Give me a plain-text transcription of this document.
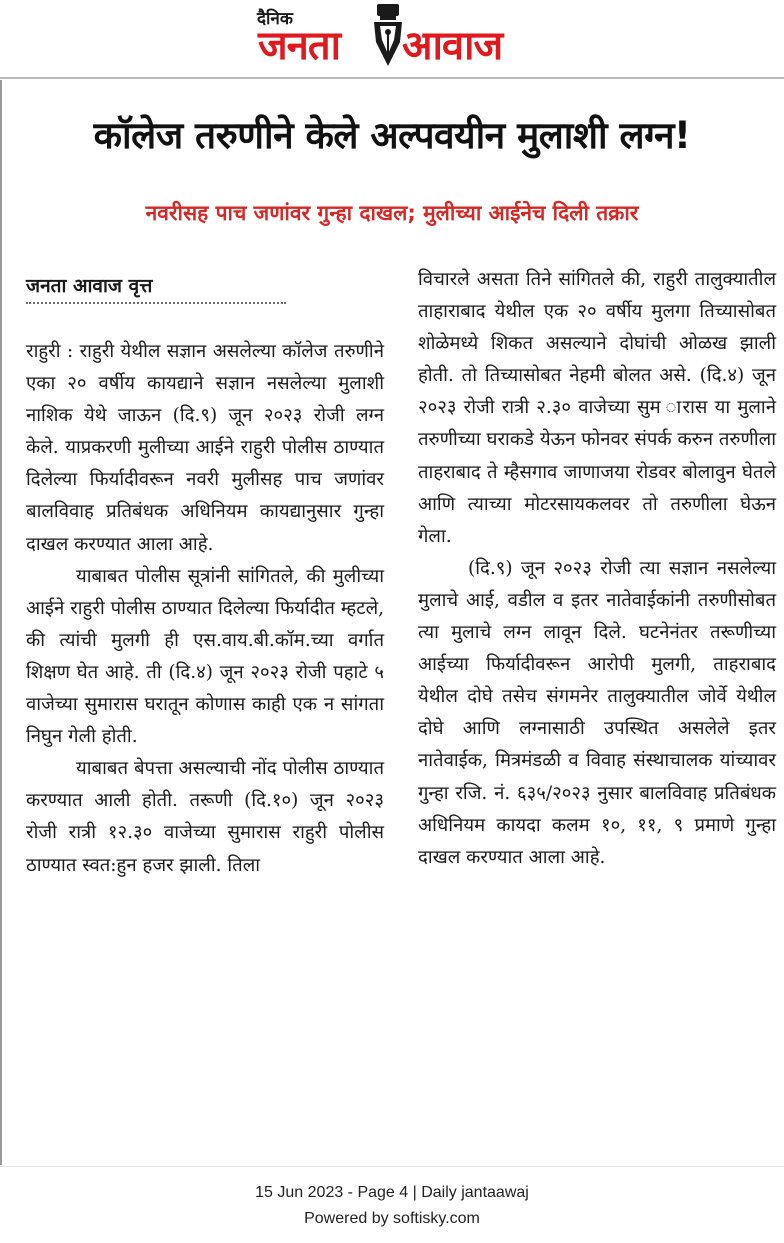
दैनिक
जनता आवाज
कॉलेज तरुणीने केले अल्पवयीन मुलाशी लग्न!
नवरीसह पाच जणांवर गुन्हा दाखल; मुलीच्या आईनेच दिली तक्रार
जनता आवाज वृत्त

राहुरी : राहुरी येथील सज्ञान असलेल्या कॉलेज तरुणीने एका २० वर्षीय कायद्याने सज्ञान नसलेल्या मुलाशी नाशिक येथे जाऊन (दि.९) जून २०२३ रोजी लग्न केले. याप्रकरणी मुलीच्या आईने राहुरी पोलीस ठाण्यात दिलेल्या फिर्यादीवरून नवरी मुलीसह पाच जणांवर बालविवाह प्रतिबंधक अधिनियम कायद्यानुसार गुन्हा दाखल करण्यात आला आहे.

याबाबत पोलीस सूत्रांनी सांगितले, की मुलीच्या आईने राहुरी पोलीस ठाण्यात दिलेल्या फिर्यादीत म्हटले, की त्यांची मुलगी ही एस.वाय.बी.कॉम.च्या वर्गात शिक्षण घेत आहे. ती (दि.४) जून २०२३ रोजी पहाटे ५ वाजेच्या सुमारास घरातून कोणास काही एक न सांगता निघुन गेली होती.

याबाबत बेपत्ता असल्याची नोंद पोलीस ठाण्यात करण्यात आली होती. तरूणी (दि.१०) जून २०२३ रोजी रात्री १२.३० वाजेच्या सुमारास राहुरी पोलीस ठाण्यात स्वत:हुन हजर झाली. तिला

विचारले असता तिने सांगितले की, राहुरी तालुक्यातील ताहाराबाद येथील एक २० वर्षीय मुलगा तिच्यासोबत शोळेमध्ये शिकत असल्याने दोघांची ओळख झाली होती. तो तिच्यासोबत नेहमी बोलत असे. (दि.४) जून २०२३ रोजी रात्री २.३० वाजेच्या सुम ारास या मुलाने तरुणीच्या घराकडे येऊन फोनवर संपर्क करुन तरुणीला ताहराबाद ते म्हैसगाव जाणाजया रोडवर बोलावुन घेतले आणि त्याच्या मोटरसायकलवर तो तरुणीला घेऊन गेला.

(दि.९) जून २०२३ रोजी त्या सज्ञान नसलेल्या मुलाचे आई, वडील व इतर नातेवाईकांनी तरुणीसोबत त्या मुलाचे लग्न लावून दिले. घटनेनंतर तरूणीच्या आईच्या फिर्यादीवरून आरोपी मुलगी, ताहराबाद येथील दोघे तसेच संगमनेर तालुक्यातील जोर्वे येथील दोघे आणि लग्नासाठी उपस्थित असलेले इतर नातेवाईक, मित्रमंडळी व विवाह संस्थाचालक यांच्यावर गुन्हा रजि. नं. ६३५/२०२३ नुसार बालविवाह प्रतिबंधक अधिनियम कायदा कलम १०, ११, ९ प्रमाणे गुन्हा दाखल करण्यात आला आहे.

15 Jun 2023 - Page 4 | Daily jantaawaj
Powered by softisky.com
